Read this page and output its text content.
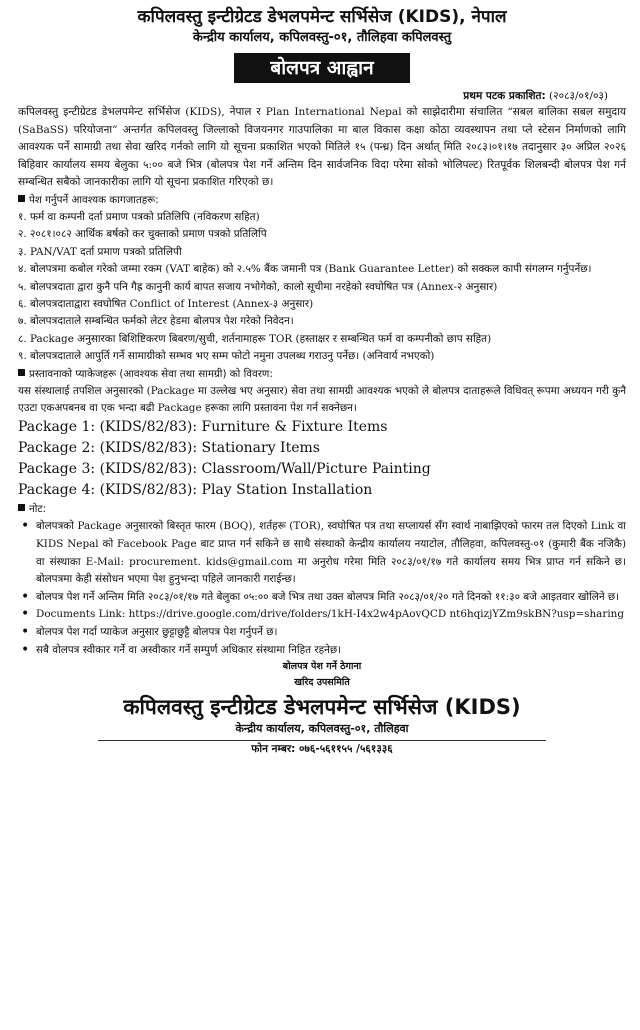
कपिलवस्तु इन्टीग्रेटड डेभलपमेन्ट सर्भिसेज (KIDS), नेपाल
केन्द्रीय कार्यालय, कपिलवस्तु-०१, तौलिहवा कपिलवस्तु
बोलपत्र आह्वान
प्रथम पटक प्रकाशित: (२०८३/०१/०३)

कपिलवस्तु इन्टीग्रेटड डेभलपमेन्ट सर्भिसेज (KIDS), नेपाल र Plan International Nepal को साझेदारीमा संचालित “सबल बालिका सबल समुदाय (SaBaSS) परियोजना” अन्तर्गत कपिलवस्तु जिल्लाको विजयनगर गाउपालिका मा बाल विकास कक्षा कोठा व्यवस्थापन तथा प्ले स्टेसन निर्माणको लागि आवश्यक पर्ने सामाग्री तथा सेवा खरिद गर्नको लागि यो सूचना प्रकाशित भएको मितिले १५ (पन्ध्र) दिन अर्थात् मिति २०८३।०१।१७ तदानुसार ३० अप्रिल २०२६ बिहिवार कार्यालय समय बेलुका ५:०० बजे भित्र (बोलपत्र पेश गर्ने अन्तिम दिन सार्वजनिक विदा परेमा सोको भोलिपल्ट) रितपूर्वक शिलबन्दी बोलपत्र पेश गर्न सम्बन्धित सबैको जानकारीका लागि यो सूचना प्रकाशित गरिएको छ।

पेश गर्नुपर्ने आवश्यक कागजातहरू:
१. फर्म वा कम्पनी दर्ता प्रमाण पत्रको प्रतिलिपि (नविकरण सहित)
२. २०८१।०८२ आर्थिक बर्षको कर चुक्ताको प्रमाण पत्रको प्रतिलिपि
३. PAN/VAT दर्ता प्रमाण पत्रको प्रतिलिपी
४. बोलपत्रमा कबोल गरेको जम्मा रकम (VAT बाहेक) को २.५% बैंक जमानी पत्र (Bank Guarantee Letter) को सक्कल कापी संगलग्न गर्नुपर्नेछ।
५. बोलपत्रदाता द्वारा कुनै पनि गैह्र कानुनी कार्य बापत सजाय नभोगेको, कालो सूचीमा नरहेको स्वघोषित पत्र (Annex-२ अनुसार)
६. बोलपत्रदाताद्वारा स्वघोषित Conflict of Interest (Annex-३ अनुसार)
७. बोलपत्रदाताले सम्बन्धित फर्मको लेटर हेडमा बोलपत्र पेश गरेको निवेदन।
८. Package अनुसारका बिशिष्टिकरण बिबरण/सुची, शर्तनामाहरू TOR (हस्ताक्षर र सम्बन्धित फर्म वा कम्पनीको छाप सहित)
९. बोलपत्रदाताले आपुर्ति गर्ने सामाग्रीको सम्भव भए सम्म फोटो नमुना उपलब्ध गराउनु पर्नेछ। (अनिवार्य नभएको)
प्रस्तावनाको प्याकेजहरू (आवश्यक सेवा तथा सामग्री) को विवरण:

यस संस्थालाई तपशिल अनुसारको (Package मा उल्लेख भए अनुसार) सेवा तथा सामग्री आवश्यक भएको ले बोलपत्र दाताहरूले विधिवत् रूपमा अध्ययन गरी कुनै एउटा एकअपबनब वा एक भन्दा बढी Package हरूका लागि प्रस्तावना पेश गर्न सक्नेछन।

Package 1: (KIDS/82/83): Furniture & Fixture Items
Package 2: (KIDS/82/83): Stationary Items
Package 3: (KIDS/82/83): Classroom/Wall/Picture Painting
Package 4: (KIDS/82/83): Play Station Installation
नोट:
• बोलपत्रको Package अनुसारको बिस्तृत फारम (BOQ), शर्तहरू (TOR), स्वघोषित पत्र तथा सप्लायर्स सँग स्वार्थ नाबाझिएको फारम तल दिएको Link वा KIDS Nepal को Facebook Page बाट प्राप्त गर्न सकिने छ साथै संस्थाको केन्द्रीय कार्यालय नयाटोल, तौलिहवा, कपिलवस्तु-०१ (कुमारी बैंक नजिकै) वा संस्थाका E-Mail: procurement. kids@gmail.com मा अनुरोध गरेमा मिति २०८३/०१/१७ गते कार्यालय समय भित्र प्राप्त गर्न सकिने छ। बोलपत्रमा केही संसोधन भएमा पेश हुनुभन्दा पहिले जानकारी गराईन्छ।
• बोलपत्र पेश गर्ने अन्तिम मिति २०८३/०१/१७ गते बेलुका ०५:०० बजे भित्र तथा उक्त बोलपत्र मिति २०८३/०१/२० गते दिनको ११:३० बजे आइतवार खोलिने छ।
• Documents Link: https://drive.google.com/drive/folders/1kH-I4x2w4pAovQCD nt6hqizjYZm9skBN?usp=sharing
• बोलपत्र पेश गर्दा प्याकेज अनुसार छुट्टाछुट्टै बोलपत्र पेश गर्नुपर्ने छ।
• सबै वोलपत्र स्वीकार गर्ने वा अस्वीकार गर्ने सम्पुर्ण अधिकार संस्थामा निहित रहनेछ।
बोलपत्र पेश गर्ने ठेगाना
खरिद उपसमिति
कपिलवस्तु इन्टीग्रेटड डेभलपमेन्ट सर्भिसेज (KIDS)
केन्द्रीय कार्यालय, कपिलवस्तु-०१, तौलिहवा
फोन नम्बर: ०७६-५६११५५ /५६१३३६
